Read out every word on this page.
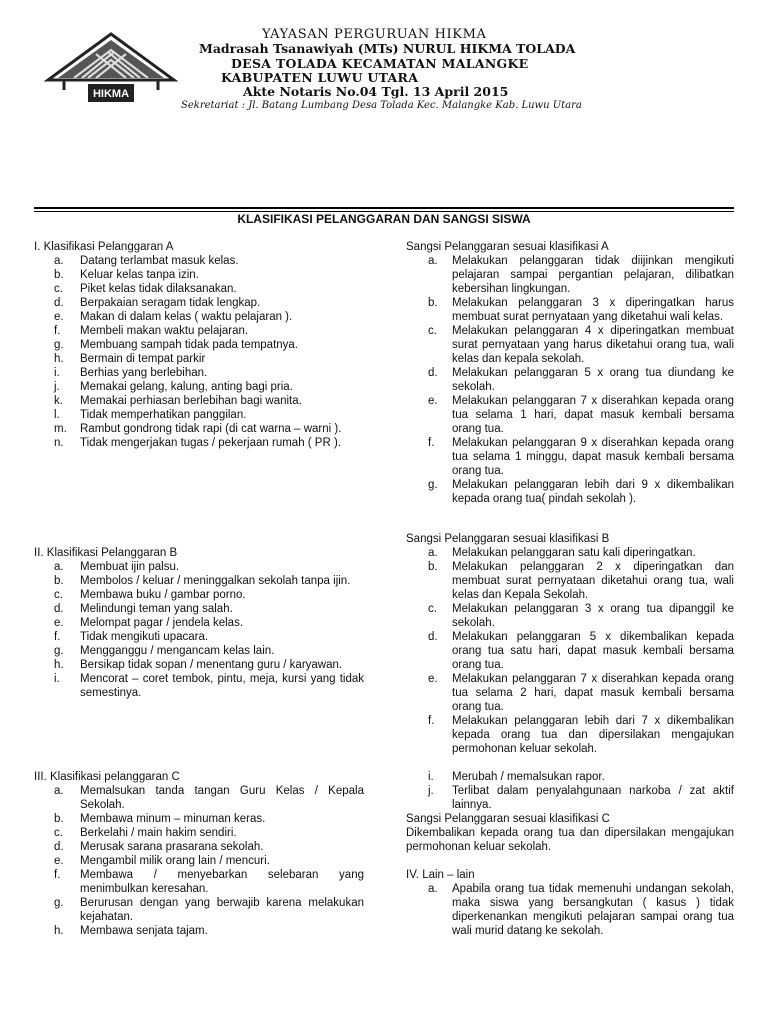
HIKMA
YAYASAN PERGURUAN HIKMA
Madrasah Tsanawiyah (MTs) NURUL HIKMA TOLADA
DESA TOLADA KECAMATAN MALANGKE
KABUPATEN LUWU UTARA
Akte Notaris No.04 Tgl. 13 April 2015
Sekretariat : Jl. Batang Lumbang Desa Tolada Kec. Malangke Kab. Luwu Utara
KLASIFIKASI PELANGGARAN DAN SANGSI SISWA
I. Klasifikasi Pelanggaran A
a.	Datang terlambat masuk kelas.
b.	Keluar kelas tanpa izin.
c.	Piket kelas tidak dilaksanakan.
d.	Berpakaian seragam tidak lengkap.
e.	Makan di dalam kelas ( waktu pelajaran ).
f.	Membeli makan waktu pelajaran.
g.	Membuang sampah tidak pada tempatnya.
h.	Bermain di tempat parkir
i.	Berhias yang berlebihan.
j.	Memakai gelang, kalung, anting bagi pria.
k.	Memakai perhiasan berlebihan bagi wanita.
l.	Tidak memperhatikan panggilan.
m.	Rambut gondrong tidak rapi (di cat warna – warni ).
n.	Tidak mengerjakan tugas / pekerjaan rumah ( PR ).
II. Klasifikasi Pelanggaran B
a.	Membuat ijin palsu.
b.	Membolos / keluar / meninggalkan sekolah tanpa ijin.
c.	Membawa buku / gambar porno.
d.	Melindungi teman yang salah.
e.	Melompat pagar / jendela kelas.
f.	Tidak mengikuti upacara.
g.	Mengganggu / mengancam kelas lain.
h.	Bersikap tidak sopan / menentang guru / karyawan.
i.	Mencorat – coret tembok, pintu, meja, kursi yang tidak semestinya.
III. Klasifikasi pelanggaran C
a.	Memalsukan tanda tangan Guru Kelas / Kepala Sekolah.
b.	Membawa minum – minuman keras.
c.	Berkelahi / main hakim sendiri.
d.	Merusak sarana prasarana sekolah.
e.	Mengambil milik orang lain / mencuri.
f.	Membawa / menyebarkan selebaran yang menimbulkan keresahan.
g.	Berurusan dengan yang berwajib karena melakukan kejahatan.
h.	Membawa senjata tajam.
Sangsi Pelanggaran sesuai klasifikasi A
a.	Melakukan pelanggaran tidak diijinkan mengikuti pelajaran sampai pergantian pelajaran, dilibatkan kebersihan lingkungan.
b.	Melakukan pelanggaran 3 x diperingatkan harus membuat surat pernyataan yang diketahui wali kelas.
c.	Melakukan pelanggaran 4 x diperingatkan membuat surat pernyataan yang harus diketahui orang tua, wali kelas dan kepala sekolah.
d.	Melakukan pelanggaran 5 x orang tua diundang ke sekolah.
e.	Melakukan pelanggaran 7 x diserahkan kepada orang tua selama 1 hari, dapat masuk kembali bersama orang tua.
f.	Melakukan pelanggaran 9 x diserahkan kepada orang tua selama 1 minggu, dapat masuk kembali bersama orang tua.
g.	Melakukan pelanggaran lebih dari 9 x dikembalikan kepada orang tua( pindah sekolah ).
Sangsi Pelanggaran sesuai klasifikasi B
a.	Melakukan pelanggaran satu kali diperingatkan.
b.	Melakukan pelanggaran 2 x diperingatkan dan membuat surat pernyataan diketahui orang tua, wali kelas dan Kepala Sekolah.
c.	Melakukan pelanggaran 3 x orang tua dipanggil ke sekolah.
d.	Melakukan pelanggaran 5 x dikembalikan kepada orang tua satu hari, dapat masuk kembali bersama orang tua.
e.	Melakukan pelanggaran 7 x diserahkan kepada orang tua selama 2 hari, dapat masuk kembali bersama orang tua.
f.	Melakukan pelanggaran lebih dari 7 x dikembalikan kepada orang tua dan dipersilakan mengajukan permohonan keluar sekolah.
i.	Merubah / memalsukan rapor.
j.	Terlibat dalam penyalahgunaan narkoba / zat aktif lainnya.
Sangsi Pelanggaran sesuai klasifikasi C
Dikembalikan kepada orang tua dan dipersilakan mengajukan permohonan keluar sekolah.
IV. Lain – lain
a.	Apabila orang tua tidak memenuhi undangan sekolah, maka siswa yang bersangkutan ( kasus ) tidak diperkenankan mengikuti pelajaran sampai orang tua wali murid datang ke sekolah.
